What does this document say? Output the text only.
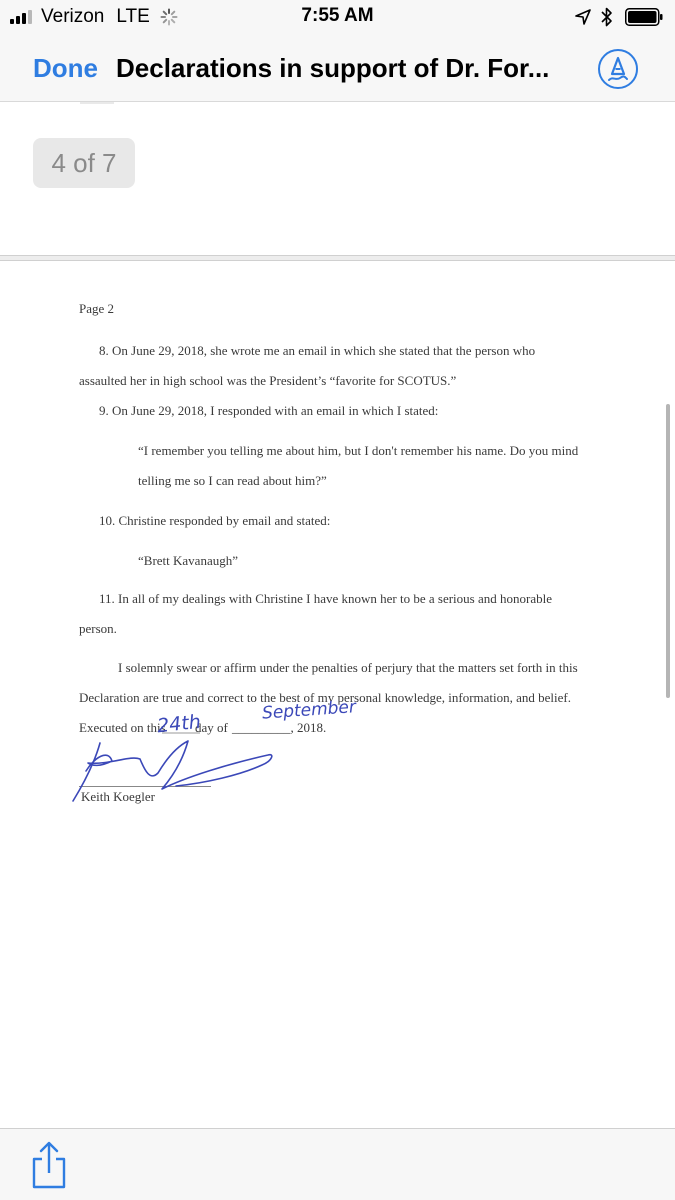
Verizon LTE	7:55 AM
Done Declarations in support of Dr. For...
4 of 7
Page 2
8. On June 29, 2018, she wrote me an email in which she stated that the person who
assaulted her in high school was the President’s “favorite for SCOTUS.”
9. On June 29, 2018, I responded with an email in which I stated:
“I remember you telling me about him, but I don't remember his name. Do you mind
telling me so I can read about him?”
10. Christine responded by email and stated:
“Brett Kavanaugh”
11. In all of my dealings with Christine I have known her to be a serious and honorable
person.
I solemnly swear or affirm under the penalties of perjury that the matters set forth in this
Declaration are true and correct to the best of my personal knowledge, information, and belief.
Executed on this day of _________, 2018.
Keith Koegler
24th
September
